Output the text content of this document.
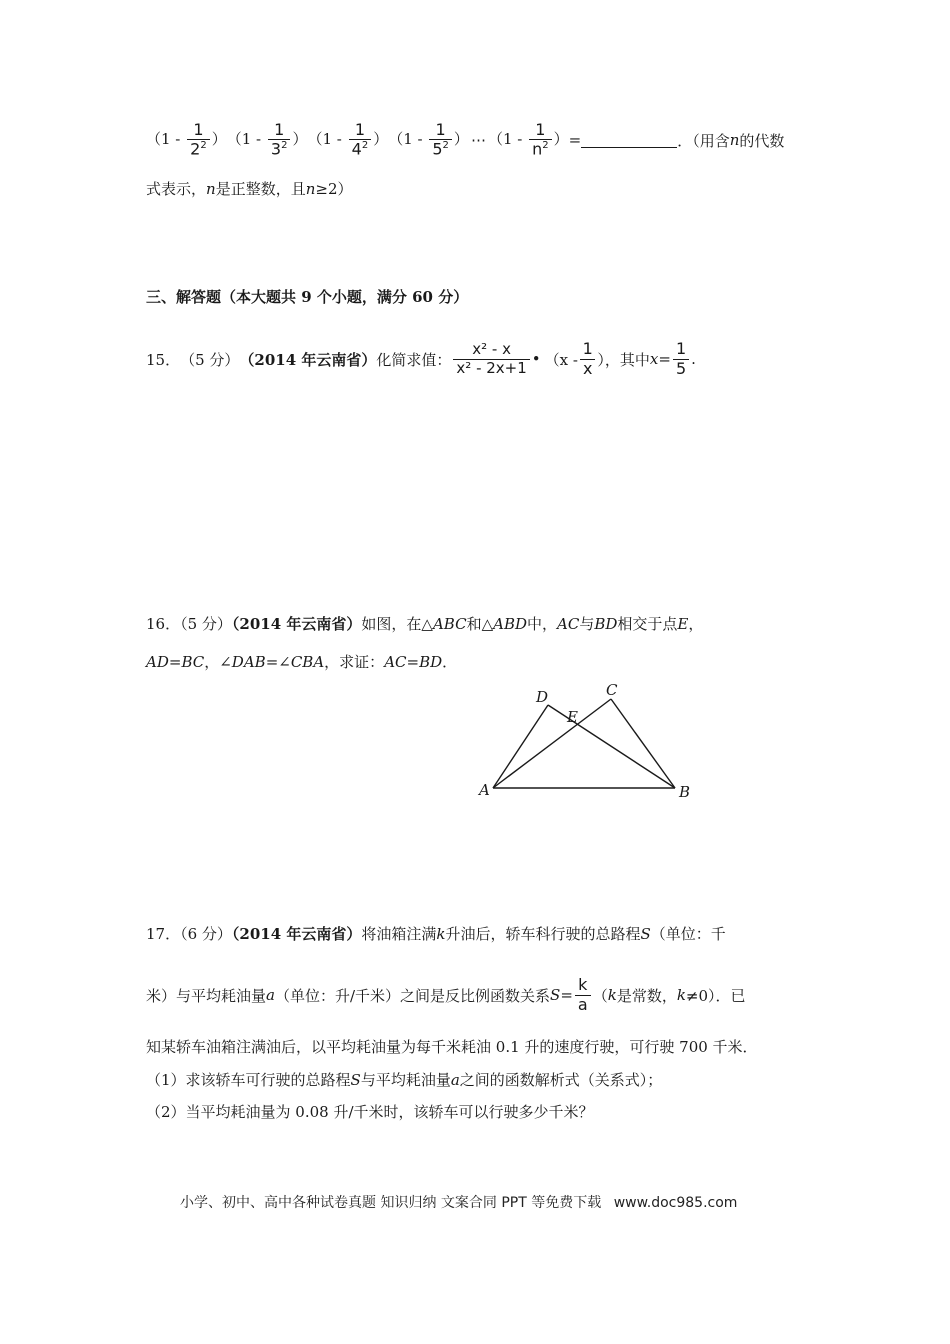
（$1 - \frac{1}{2^2}$ ） （$1 - \frac{1}{3^2}$ ） （$1 - \frac{1}{4^2}$ ） （$1 - \frac{1}{5^2}$ ） ⋯ （$1 - \frac{1}{n^2}$ ） =	．（用含 n 的代数
式表示，n是正整数，且n≥2）
三、解答题（本大题共 9 个小题，满分 60 分）
15． （5 分） （2014 年云南省） 化简求值： $\frac{\text{x² - x}}{\text{x² - 2x+1}}$ • （$x - \frac{1}{x}$ ），其中 $x = \frac{1}{5}$ .
16．（5 分）（2014 年云南省）如图，在△ABC和△ABD中，AC与BD相交于点E，
AD=BC，∠DAB=∠CBA，求证：AC=BD．
A	B
C
D
E
17．（6 分）（2014 年云南省）将油箱注满k升油后，轿车科行驶的总路程S（单位：千
米）与平均耗油量 a （单位：升/千米）之间是反比例函数关系 $S = \frac{k}{a}$ （ k 是常数， k ≠0）．已
知某轿车油箱注满油后，以平均耗油量为每千米耗油 0.1 升的速度行驶，可行驶 700 千米．
（1）求该轿车可行驶的总路程S与平均耗油量a之间的函数解析式（关系式）；
（2）当平均耗油量为 0.08 升/千米时，该轿车可以行驶多少千米？
小学、初中、高中各种试卷真题 知识归纳 文案合同 PPT 等免费下载 www.doc985.com
